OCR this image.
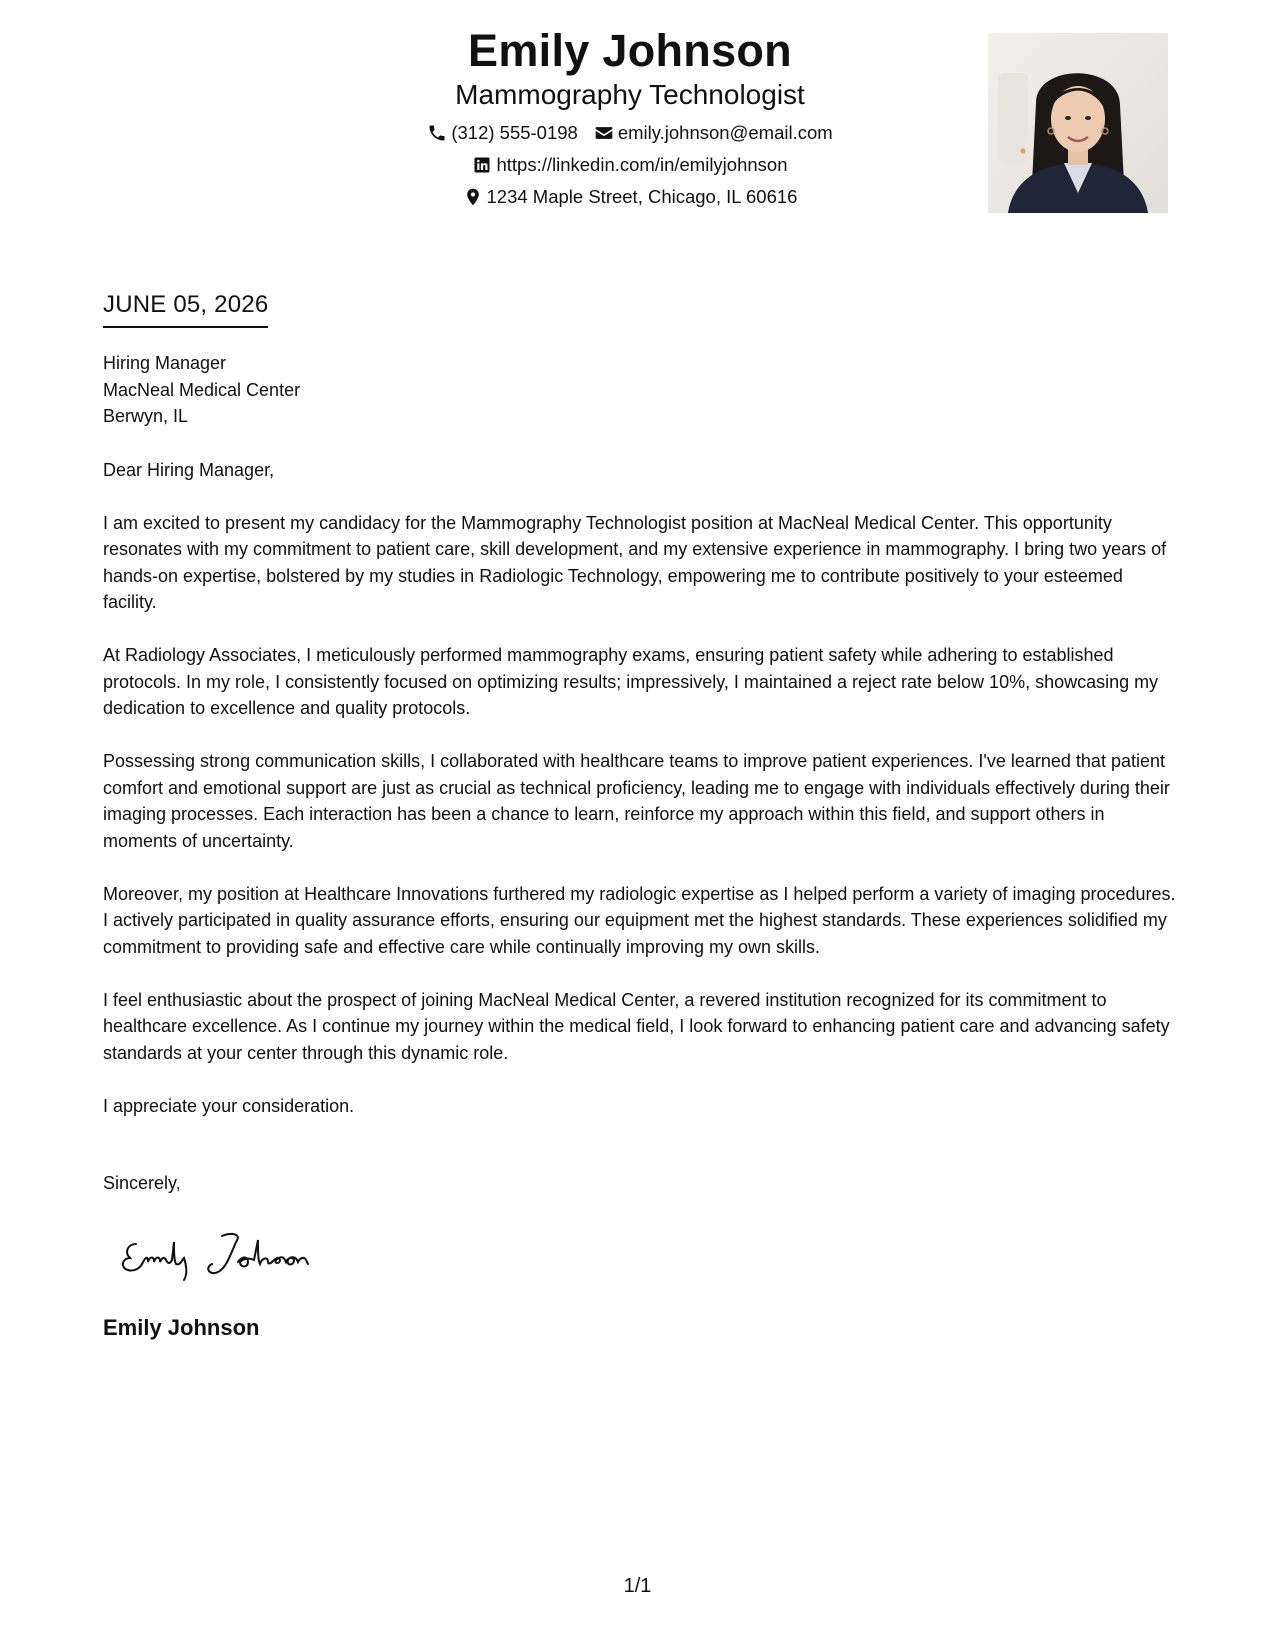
Emily Johnson
Mammography Technologist
(312) 555-0198 emily.johnson@email.com
https://linkedin.com/in/emilyjohnson
1234 Maple Street, Chicago, IL 60616
JUNE 05, 2026
Hiring Manager
MacNeal Medical Center
Berwyn, IL

Dear Hiring Manager,

I am excited to present my candidacy for the Mammography Technologist position at MacNeal Medical Center. This opportunity resonates with my commitment to patient care, skill development, and my extensive experience in mammography. I bring two years of hands-on expertise, bolstered by my studies in Radiologic Technology, empowering me to contribute positively to your esteemed facility.

At Radiology Associates, I meticulously performed mammography exams, ensuring patient safety while adhering to established protocols. In my role, I consistently focused on optimizing results; impressively, I maintained a reject rate below 10%, showcasing my dedication to excellence and quality protocols.

Possessing strong communication skills, I collaborated with healthcare teams to improve patient experiences. I've learned that patient comfort and emotional support are just as crucial as technical proficiency, leading me to engage with individuals effectively during their imaging processes. Each interaction has been a chance to learn, reinforce my approach within this field, and support others in moments of uncertainty.

Moreover, my position at Healthcare Innovations furthered my radiologic expertise as I helped perform a variety of imaging procedures. I actively participated in quality assurance efforts, ensuring our equipment met the highest standards. These experiences solidified my commitment to providing safe and effective care while continually improving my own skills.

I feel enthusiastic about the prospect of joining MacNeal Medical Center, a revered institution recognized for its commitment to healthcare excellence. As I continue my journey within the medical field, I look forward to enhancing patient care and advancing safety standards at your center through this dynamic role.

I appreciate your consideration.

Sincerely,
Emily Johnson
1/1
